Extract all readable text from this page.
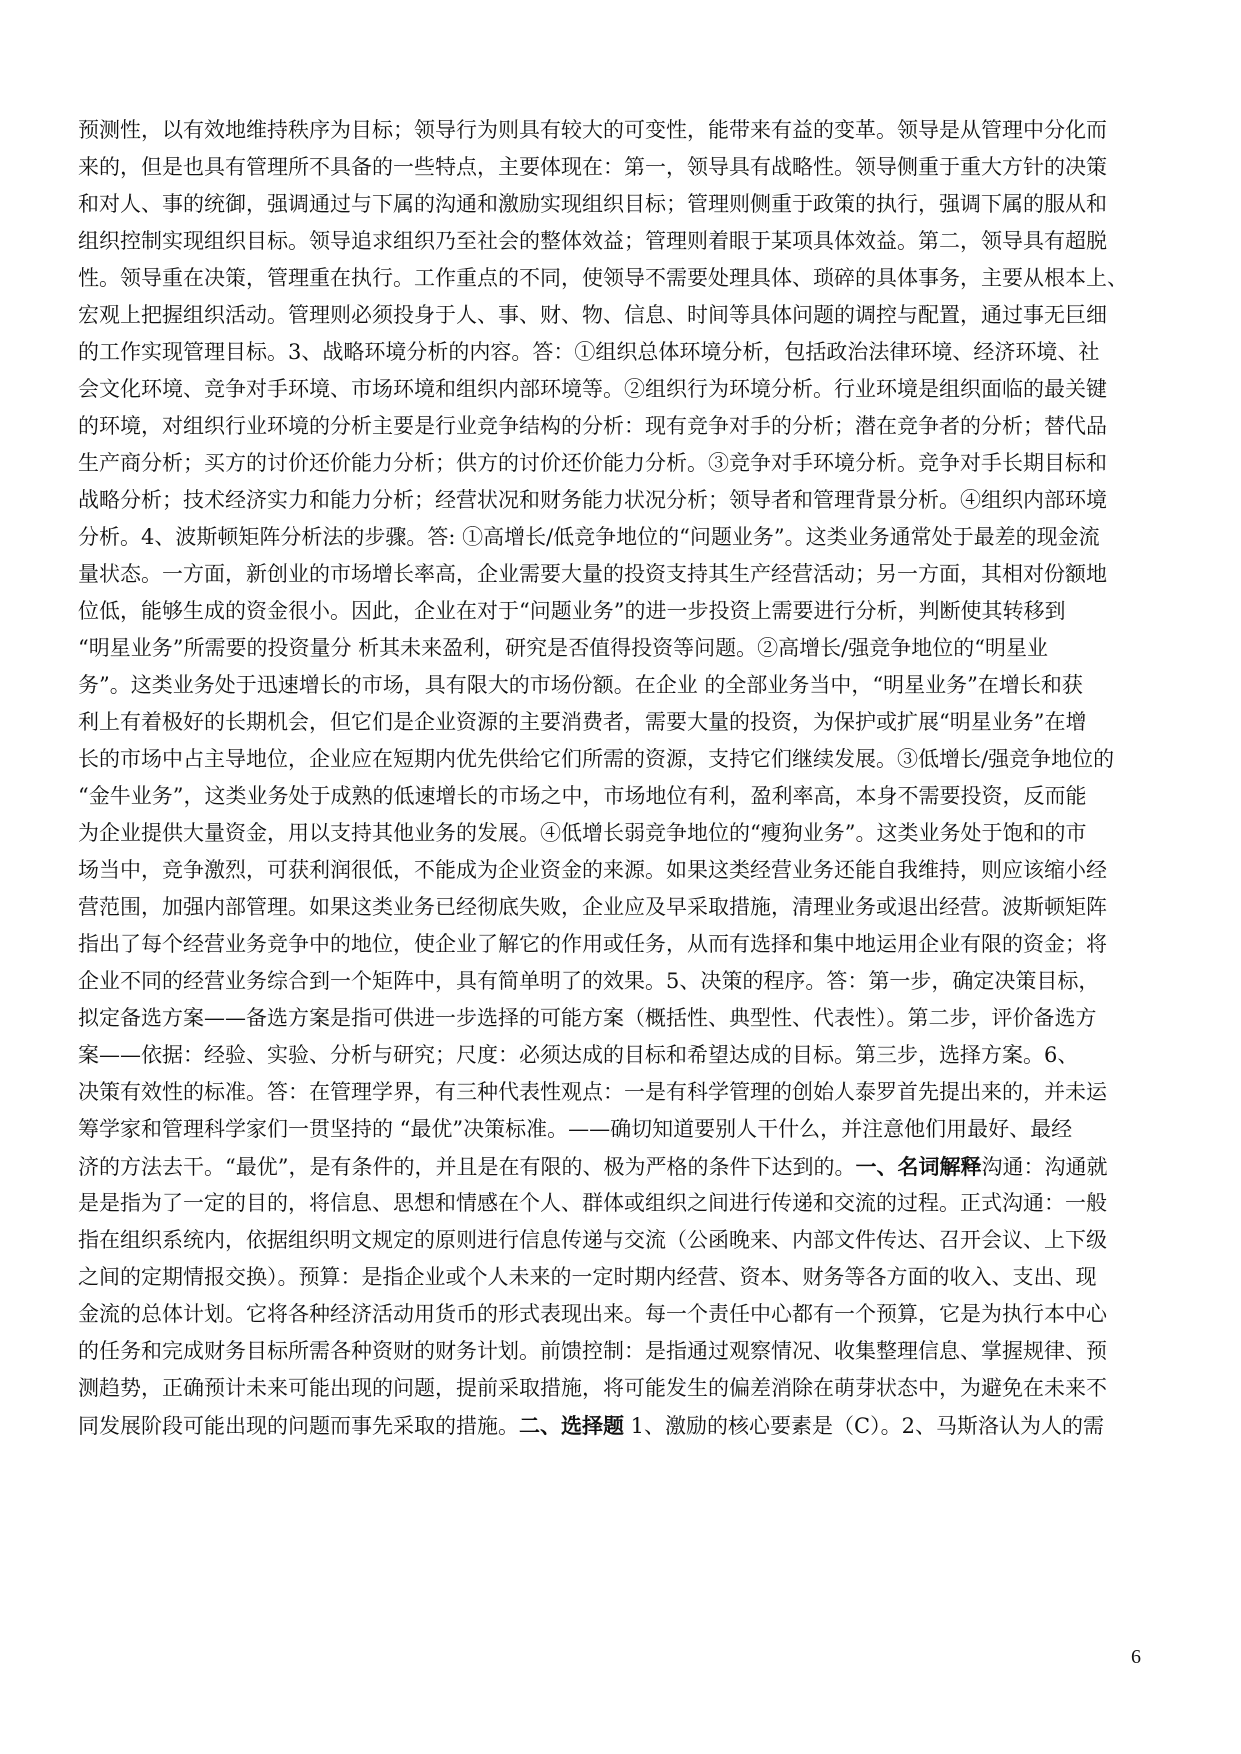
预测性，以有效地维持秩序为目标；领导行为则具有较大的可变性，能带来有益的变革。领导是从管理中分化而
来的，但是也具有管理所不具备的一些特点，主要体现在：第一，领导具有战略性。领导侧重于重大方针的决策
和对人、事的统御，强调通过与下属的沟通和激励实现组织目标；管理则侧重于政策的执行，强调下属的服从和
组织控制实现组织目标。领导追求组织乃至社会的整体效益；管理则着眼于某项具体效益。第二，领导具有超脱
性。领导重在决策，管理重在执行。工作重点的不同，使领导不需要处理具体、琐碎的具体事务，主要从根本上、
宏观上把握组织活动。管理则必须投身于人、事、财、物、信息、时间等具体问题的调控与配置，通过事无巨细
的工作实现管理目标。3、战略环境分析的内容。答：①组织总体环境分析，包括政治法律环境、经济环境、社
会文化环境、竞争对手环境、市场环境和组织内部环境等。②组织行为环境分析。行业环境是组织面临的最关键
的环境，对组织行业环境的分析主要是行业竞争结构的分析：现有竞争对手的分析；潜在竞争者的分析；替代品
生产商分析；买方的讨价还价能力分析；供方的讨价还价能力分析。③竞争对手环境分析。竞争对手长期目标和
战略分析；技术经济实力和能力分析；经营状况和财务能力状况分析；领导者和管理背景分析。④组织内部环境
分析。4、波斯顿矩阵分析法的步骤。答: ①高增长/低竞争地位的“问题业务”。这类业务通常处于最差的现金流
量状态。一方面，新创业的市场增长率高，企业需要大量的投资支持其生产经营活动；另一方面，其相对份额地
位低，能够生成的资金很小。因此，企业在对于“问题业务”的进一步投资上需要进行分析，判断使其转移到
“明星业务”所需要的投资量分 析其未来盈利，研究是否值得投资等问题。②高增长/强竞争地位的“明星业
务”。这类业务处于迅速增长的市场，具有限大的市场份额。在企业 的全部业务当中，“明星业务”在增长和获
利上有着极好的长期机会，但它们是企业资源的主要消费者，需要大量的投资，为保护或扩展“明星业务”在增
长的市场中占主导地位，企业应在短期内优先供给它们所需的资源，支持它们继续发展。③低增长/强竞争地位的
“金牛业务”，这类业务处于成熟的低速增长的市场之中，市场地位有利，盈利率高，本身不需要投资，反而能
为企业提供大量资金，用以支持其他业务的发展。④低增长弱竞争地位的“瘦狗业务”。这类业务处于饱和的市
场当中，竞争激烈，可获利润很低，不能成为企业资金的来源。如果这类经营业务还能自我维持，则应该缩小经
营范围，加强内部管理。如果这类业务已经彻底失败，企业应及早采取措施，清理业务或退出经营。波斯顿矩阵
指出了每个经营业务竞争中的地位，使企业了解它的作用或任务，从而有选择和集中地运用企业有限的资金；将
企业不同的经营业务综合到一个矩阵中，具有简单明了的效果。5、决策的程序。答：第一步，确定决策目标，
拟定备选方案——备选方案是指可供进一步选择的可能方案（概括性、典型性、代表性）。第二步，评价备选方
案——依据：经验、实验、分析与研究；尺度：必须达成的目标和希望达成的目标。第三步，选择方案。6、
决策有效性的标准。答：在管理学界，有三种代表性观点：一是有科学管理的创始人泰罗首先提出来的，并未运
筹学家和管理科学家们一贯坚持的 “最优”决策标准。——确切知道要别人干什么，并注意他们用最好、最经
济的方法去干。“最优”，是有条件的，并且是在有限的、极为严格的条件下达到的。一、名词解释沟通：沟通就
是是指为了一定的目的，将信息、思想和情感在个人、群体或组织之间进行传递和交流的过程。正式沟通：一般
指在组织系统内，依据组织明文规定的原则进行信息传递与交流（公函晚来、内部文件传达、召开会议、上下级
之间的定期情报交换）。预算：是指企业或个人未来的一定时期内经营、资本、财务等各方面的收入、支出、现
金流的总体计划。它将各种经济活动用货币的形式表现出来。每一个责任中心都有一个预算，它是为执行本中心
的任务和完成财务目标所需各种资财的财务计划。前馈控制：是指通过观察情况、收集整理信息、掌握规律、预
测趋势，正确预计未来可能出现的问题，提前采取措施，将可能发生的偏差消除在萌芽状态中，为避免在未来不
同发展阶段可能出现的问题而事先采取的措施。二、选择题 1、激励的核心要素是（C）。2、马斯洛认为人的需
6
